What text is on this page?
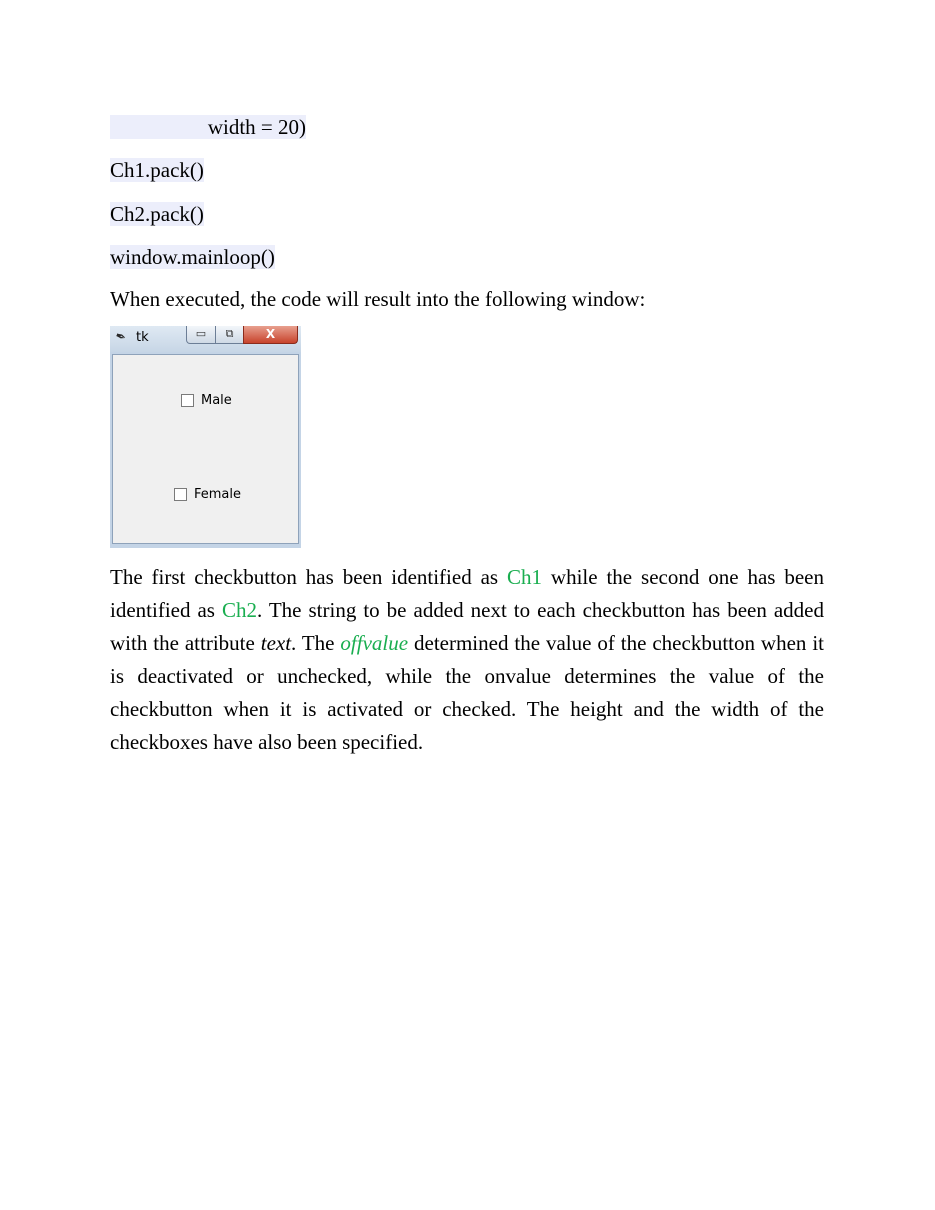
width = 20)
Ch1.pack()
Ch2.pack()
window.mainloop()
When executed, the code will result into the following window:
✒ tk	▭	⧉	X
Male
Female
The first checkbutton has been identified as Ch1 while the second one has been identified as Ch2. The string to be added next to each checkbutton has been added with the attribute text. The offvalue determined the value of the checkbutton when it is deactivated or unchecked, while the onvalue determines the value of the checkbutton when it is activated or checked. The height and the width of the checkboxes have also been specified.
